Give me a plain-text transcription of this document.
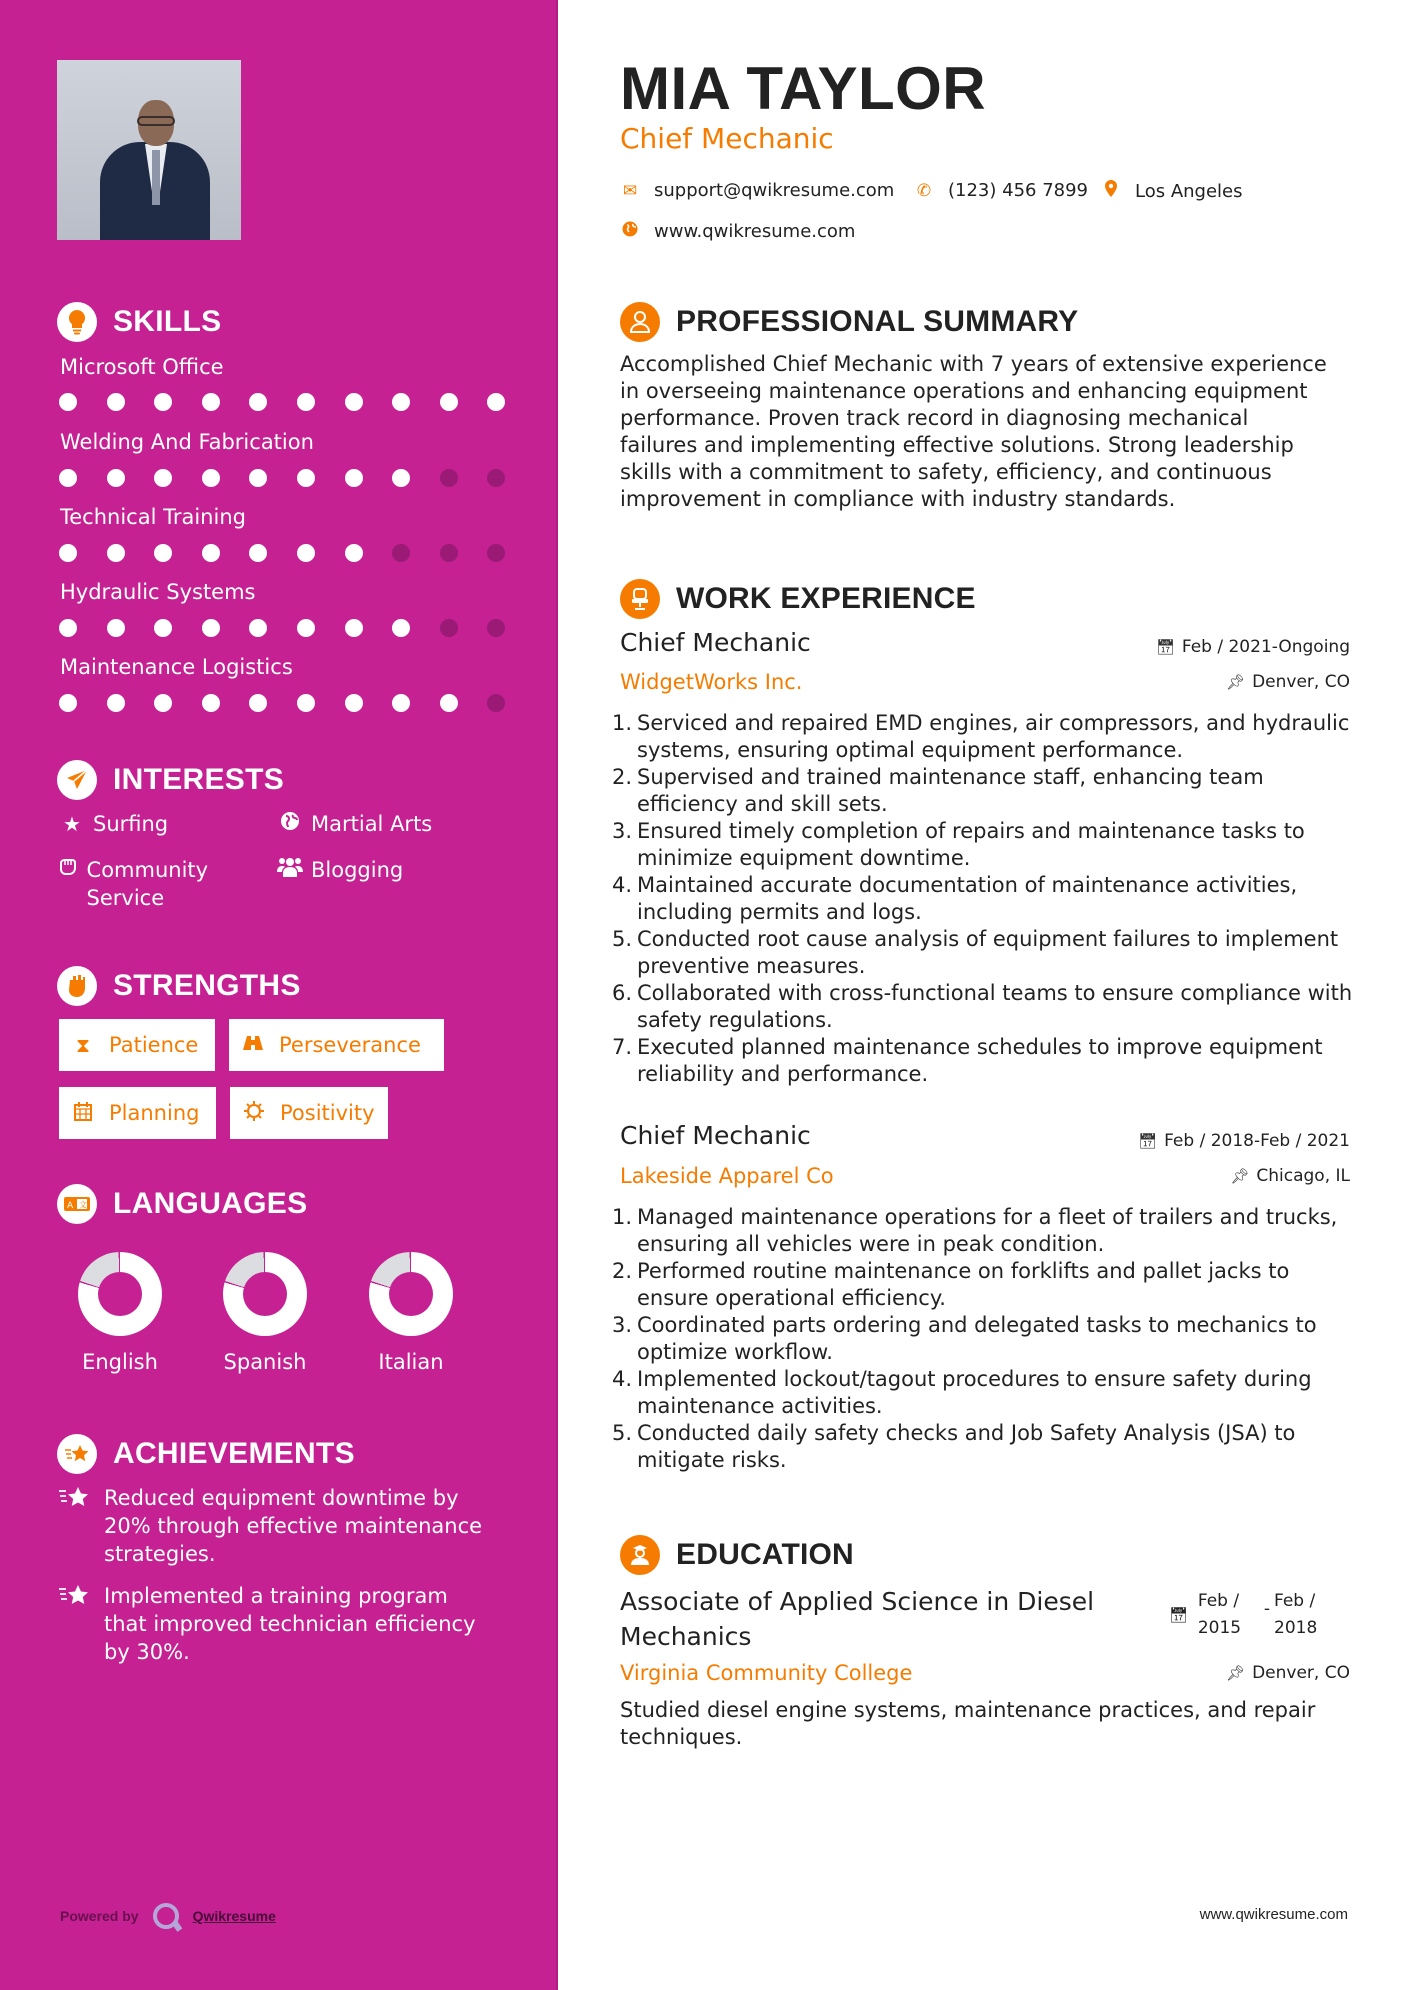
SKILLS
Microsoft Office
Welding And Fabrication
Technical Training
Hydraulic Systems
Maintenance Logistics
INTERESTS
★ Surfing	Martial Arts
Community Service
Blogging
STRENGTHS
⧗ Patience	Perseverance
Planning	Positivity
A 文 LANGUAGES
English	Spanish	Italian
ACHIEVEMENTS
Reduced equipment downtime by 20% through effective maintenance strategies.
Implemented a training program that improved technician efficiency by 30%.
Powered by	Qwikresume
MIA TAYLOR
Chief Mechanic
✉ support@qwikresume.com ✆ (123) 456 7899	Los Angeles
www.qwikresume.com
PROFESSIONAL SUMMARY

Accomplished Chief Mechanic with 7 years of extensive experience in overseeing maintenance operations and enhancing equipment performance. Proven track record in diagnosing mechanical failures and implementing effective solutions. Strong leadership skills with a commitment to safety, efficiency, and continuous improvement in compliance with industry standards.

WORK EXPERIENCE
Chief Mechanic	📅︎ Feb / 2021-Ongoing
WidgetWorks Inc.	📌︎ Denver, CO
1. Serviced and repaired EMD engines, air compressors, and hydraulic systems, ensuring optimal equipment performance.
2. Supervised and trained maintenance staff, enhancing team efficiency and skill sets.
3. Ensured timely completion of repairs and maintenance tasks to minimize equipment downtime.
4. Maintained accurate documentation of maintenance activities, including permits and logs.
5. Conducted root cause analysis of equipment failures to implement preventive measures.
6. Collaborated with cross-functional teams to ensure compliance with safety regulations.
7. Executed planned maintenance schedules to improve equipment reliability and performance.
Chief Mechanic	📅︎ Feb / 2018-Feb / 2021
Lakeside Apparel Co	📌︎ Chicago, IL
1. Managed maintenance operations for a fleet of trailers and trucks, ensuring all vehicles were in peak condition.
2. Performed routine maintenance on forklifts and pallet jacks to ensure operational efficiency.
3. Coordinated parts ordering and delegated tasks to mechanics to optimize workflow.
4. Implemented lockout/tagout procedures to ensure safety during maintenance activities.
5. Conducted daily safety checks and Job Safety Analysis (JSA) to mitigate risks.
EDUCATION
Associate of Applied Science in Diesel Mechanics
📅︎
Feb /
2015
- Feb /
2018
Virginia Community College	📌︎ Denver, CO

Studied diesel engine systems, maintenance practices, and repair techniques.

www.qwikresume.com
